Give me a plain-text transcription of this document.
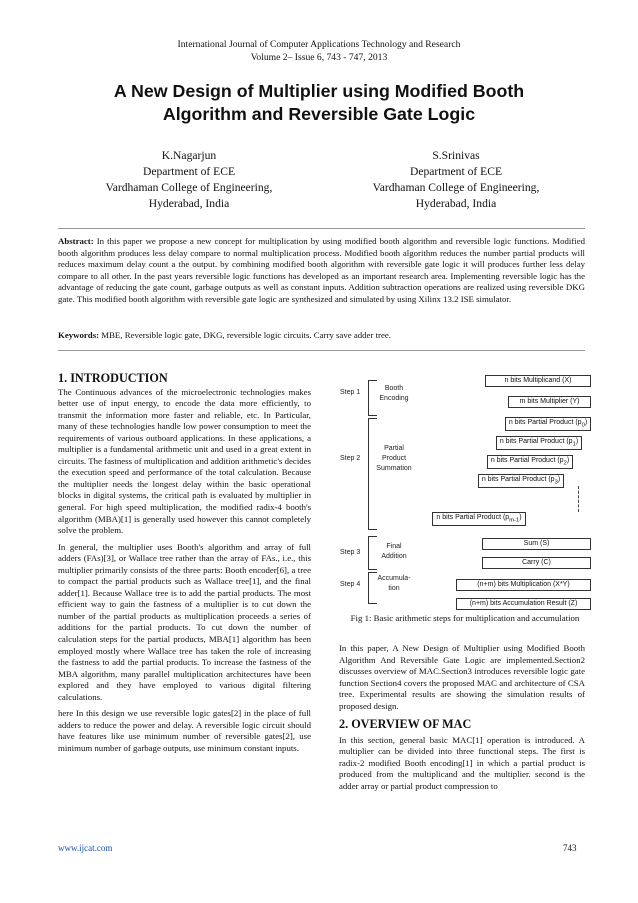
International Journal of Computer Applications Technology and Research
Volume 2– Issue 6, 743 - 747, 2013
A New Design of Multiplier using Modified Booth
Algorithm and Reversible Gate Logic
K.Nagarjun
Department of ECE
Vardhaman College of Engineering,
Hyderabad, India
S.Srinivas
Department of ECE
Vardhaman College of Engineering,
Hyderabad, India
Abstract: In this paper we propose a new concept for multiplication by using modified booth algorithm and reversible logic functions. Modified booth algorithm produces less delay compare to normal multiplication process. Modified booth algorithm reduces the number partial products will reduces maximum delay count a the output. by combining modified booth algorithm with reversible gate logic it will produces further less delay compare to all other. In the past years reversible logic functions has developed as an important research area. Implementing reversible logic has the advantage of reducing the gate count, garbage outputs as well as constant inputs. Addition subtraction operations are realized using reversible DKG gate. This modified booth algorithm with reversible gate logic are synthesized and simulated by using Xilinx 13.2 ISE simulator.
Keywords: MBE, Reversible logic gate, DKG, reversible logic circuits. Carry save adder tree.
1. INTRODUCTION

The Continuous advances of the microelectronic technologies makes better use of input energy, to encode the data more efficiently, to transmit the information more faster and reliable, etc. In Particular, many of these technologies handle low power consumption to meet the requirements of various outboard applications. In these applications, a multiplier is a fundamental arithmetic unit and used in a great extent in circuits. The fastness of multiplication and addition arithmetic's decides the execution speed and performance of the total calculation. Because the multiplier needs the longest delay within the basic operational blocks in digital systems, the critical path is evaluated by multiplier in general. For high speed multiplication, the modified radix-4 booth's algorithm (MBA)[1] is generally used however this cannot completely solve the problem.

In general, the multiplier uses Booth's algorithm and array of full adders (FAs)[3], or Wallace tree rather than the array of FAs., i.e., this multiplier primarily consists of the three parts: Booth encoder[6], a tree to compact the partial products such as Wallace tree[1], and the final adder[1]. Because Wallace tree is to add the partial products. The most efficient way to gain the fastness of a multiplier is to cut down the number of the partial products as multiplication proceeds a series of additions for the partial products. To cut down the number of calculation steps for the partial products, MBA[1] algorithm has been employed mostly where Wallace tree has taken the role of increasing the fastness to add the partial products. To increase the fastness of the MBA algorithm, many parallel multiplication architectures have been explored and they have employed to various digital filtering calculations.

here In this design we use reversible logic gates[2] in the place of full adders to reduce the power and delay. A reversible logic circuit should have features like use minimum number of reversible gates[2], use minimum number of garbage outputs, use minimum constant inputs.

Step 1
Step 2
Step 3
Step 4
Booth
Encoding
Partial
Product
Summation
Final
Addition
Accumula-
tion
n bits Multiplicand (X)
m bits Multiplier (Y)
n bits Partial Product $(p_0)$
n bits Partial Product $(p_1)$
n bits Partial Product $(p_2)$
n bits Partial Product $(p_3)$
n bits Partial Product $(p_{m-1})$
Sum (S)
Carry (C)
(n+m) bits Multiplication (X*Y)
(n+m) bits Accumulation Result (Z)
Fig 1: Basic arithmetic steps for multiplication and accumulation

In this paper, A New Design of Multiplier using Modified Booth Algorithm And Reversible Gate Logic are implemented.Section2 discusses overview of MAC.Section3 introduces reversible logic gate function Section4 covers the proposed MAC and architecture of CSA tree. Experimental results are showing the simulation results of proposed design.

2. OVERVIEW OF MAC

In this section, general basic MAC[1] operation is introduced. A multiplier can be divided into three functional steps. The first is radix-2 modified Booth encoding[1] in which a partial product is produced from the multiplicand and the multiplier. second is the adder array or partial product compression to

www.ijcat.com	743
